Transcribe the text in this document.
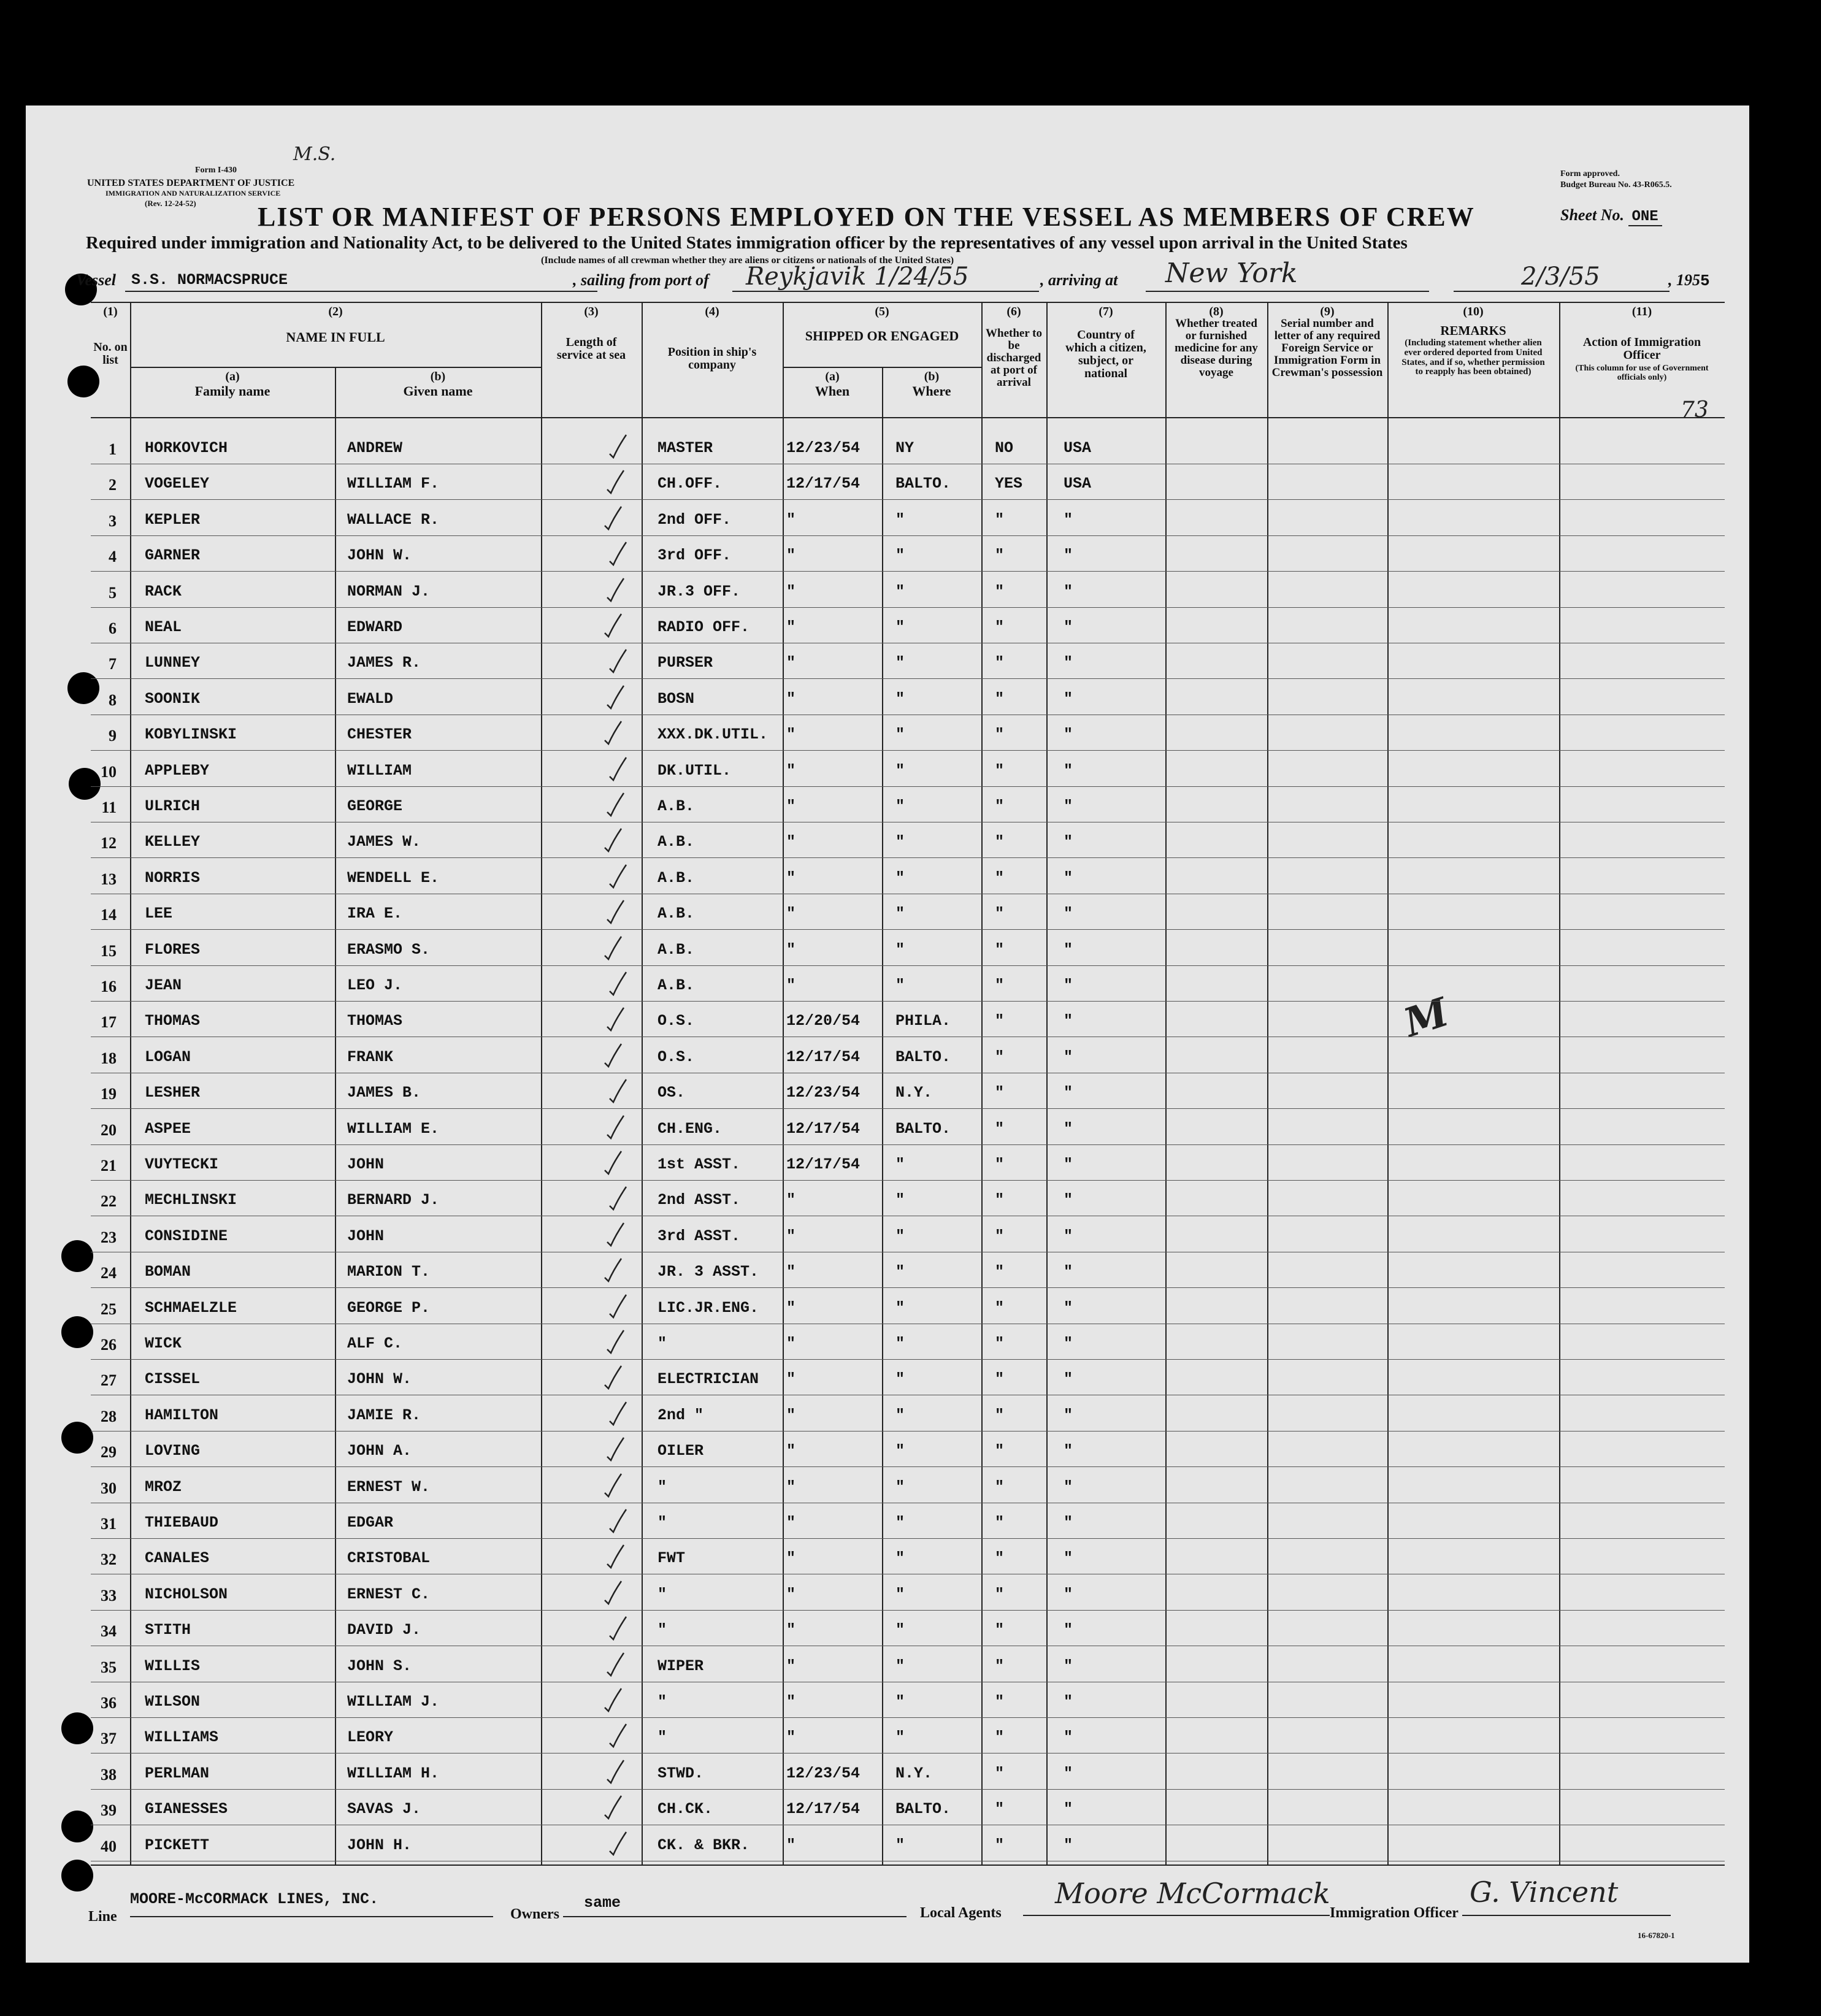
Form I-430
UNITED STATES DEPARTMENT OF JUSTICE
IMMIGRATION AND NATURALIZATION SERVICE
(Rev. 12-24-52)
Form approved.
Budget Bureau No. 43-R065.5.
M.S.
LIST OR MANIFEST OF PERSONS EMPLOYED ON THE VESSEL AS MEMBERS OF CREW	Sheet No. ONE
Required under immigration and Nationality Act, to be delivered to the United States immigration officer by the representatives of any vessel upon arrival in the United States
(Include names of all crewman whether they are aliens or citizens or nationals of the United States)
Vessel S.S. NORMACSPRUCE	, sailing from port of Reykjavik 1/24/55	, arriving at New York	2/3/55	, 1955
(1)
No. on list
(2)
NAME IN FULL
(a)
Family name
(b)
Given name
(3)
Length of service at sea
(4)
Position in ship's company
(5)
SHIPPED OR ENGAGED
(a)
When
(b)
Where
(6)
Whether to be discharged at port of arrival
(7)
Country of which a citizen, subject, or national
(8)
Whether treated or furnished medicine for any disease during voyage
(9)
Serial number and letter of any required Foreign Service or Immigration Form in Crewman's possession
(10)
REMARKS
(Including statement whether alien ever ordered deported from United States, and if so, whether permission to reapply has been obtained)
(11)
Action of Immigration Officer
(This column for use of Government officials only)
73
M
1 HORKOVICH	ANDREW	MASTER	12/23/54 NY	NO	USA
2 VOGELEY	WILLIAM F.	CH.OFF.	12/17/54 BALTO.	YES	USA
3 KEPLER	WALLACE R.	2nd OFF.	"	"	"	"
4 GARNER	JOHN W.	3rd OFF.	"	"	"	"
5 RACK	NORMAN J.	JR.3 OFF.	"	"	"	"
6 NEAL	EDWARD	RADIO OFF. "	"	"	"
7 LUNNEY	JAMES R.	PURSER	"	"	"	"
8 SOONIK	EWALD	BOSN	"	"	"	"
9 KOBYLINSKI	CHESTER	XXX.DK.UTIL. "	"	"	"
10 APPLEBY	WILLIAM	DK.UTIL.	"	"	"	"
11 ULRICH	GEORGE	A.B.	"	"	"	"
12 KELLEY	JAMES W.	A.B.	"	"	"	"
13 NORRIS	WENDELL E.	A.B.	"	"	"	"
14 LEE	IRA E.	A.B.	"	"	"	"
15 FLORES	ERASMO S.	A.B.	"	"	"	"
16 JEAN	LEO J.	A.B.	"	"	"	"
17 THOMAS	THOMAS	O.S.	12/20/54 PHILA.	"	"
18 LOGAN	FRANK	O.S.	12/17/54 BALTO.	"	"
19 LESHER	JAMES B.	OS.	12/23/54 N.Y.	"	"
20 ASPEE	WILLIAM E.	CH.ENG.	12/17/54 BALTO.	"	"
21 VUYTECKI	JOHN	1st ASST.	12/17/54 "	"	"
22 MECHLINSKI	BERNARD J.	2nd ASST.	"	"	"	"
23 CONSIDINE	JOHN	3rd ASST.	"	"	"	"
24 BOMAN	MARION T.	JR. 3 ASST. "	"	"	"
25 SCHMAELZLE	GEORGE P.	LIC.JR.ENG. "	"	"	"
26 WICK	ALF C.	"	"	"	"	"
27 CISSEL	JOHN W.	ELECTRICIAN "	"	"	"
28 HAMILTON	JAMIE R.	2nd "	"	"	"	"
29 LOVING	JOHN A.	OILER	"	"	"	"
30 MROZ	ERNEST W.	"	"	"	"	"
31 THIEBAUD	EDGAR	"	"	"	"	"
32 CANALES	CRISTOBAL	FWT	"	"	"	"
33 NICHOLSON	ERNEST C.	"	"	"	"	"
34 STITH	DAVID J.	"	"	"	"	"
35 WILLIS	JOHN S.	WIPER	"	"	"	"
36 WILSON	WILLIAM J.	"	"	"	"	"
37 WILLIAMS	LEORY	"	"	"	"	"
38 PERLMAN	WILLIAM H.	STWD.	12/23/54 N.Y.	"	"
39 GIANESSES	SAVAS J.	CH.CK.	12/17/54 BALTO.	"	"
40 PICKETT	JOHN H.	CK. & BKR. "	"	"	"
Line
MOORE-McCORMACK LINES, INC.
Owners
same
Local Agents
Moore McCormack
Immigration Officer
G. Vincent
16-67820-1
